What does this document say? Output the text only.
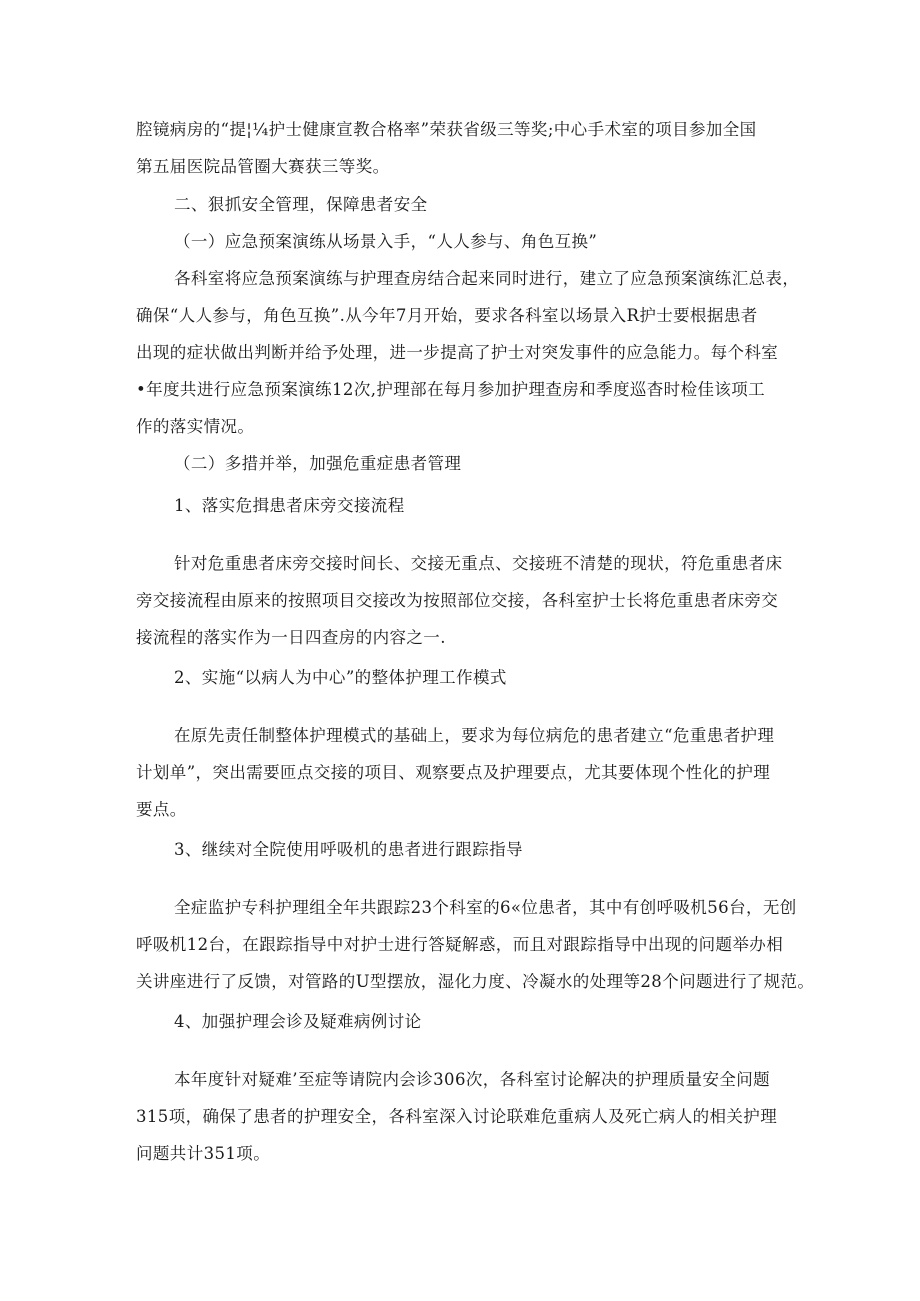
腔镜病房的“提¦¼护士健康宣教合格率”荣获省级三等奖;中心手术室的项目参加全国
第五届医院品管圈大赛获三等奖。
二、狠抓安全管理，保障患者安全
（一）应急预案演练从场景入手，“人人参与、角色互换”
各科室将应急预案演练与护理查房结合起来同时进行，建立了应急预案演练汇总表，
确保“人人参与，角色互换”.从今年7月开始，要求各科室以场景入R护士要根据患者
出现的症状做出判断并给予处理，进一步提高了护士对突发事件的应急能力。每个科室
•年度共进行应急预案演练12次,护理部在每月参加护理查房和季度巡杳时检佳该项工
作的落实情况。
（二）多措并举，加强危重症患者管理
1、落实危揖患者床旁交接流程
针对危重患者床旁交接时间长、交接无重点、交接班不清楚的现状，符危重患者床
旁交接流程由原来的按照项目交接改为按照部位交接，各科室护士长将危重患者床旁交
接流程的落实作为一日四查房的内容之一.
2、实施“以病人为中心”的整体护理工作模式
在原先责任制整体护理模式的基础上，要求为每位病危的患者建立“危重患者护理
计划单”，突出需要匝点交接的项目、观察要点及护理要点，尤其要体现个性化的护理
要点。
3、继续对全院使用呼吸机的患者进行跟踪指导
全症监护专科护理组全年共跟踪23个科室的6«位患者，其中有创呼吸机56台，无创
呼吸机12台，在跟踪指导中对护士进行答疑解惑，而且对跟踪指导中出现的问题举办相
关讲座进行了反馈，对管路的U型摆放，湿化力度、冷凝水的处理等28个问题进行了规范。
4、加强护理会诊及疑难病例讨论
本年度针对疑难’至症等请院内会诊306次，各科室讨论解决的护理质量安全问题
315项，确保了患者的护理安全，各科室深入讨论联难危重病人及死亡病人的相关护理
问题共计351项。
